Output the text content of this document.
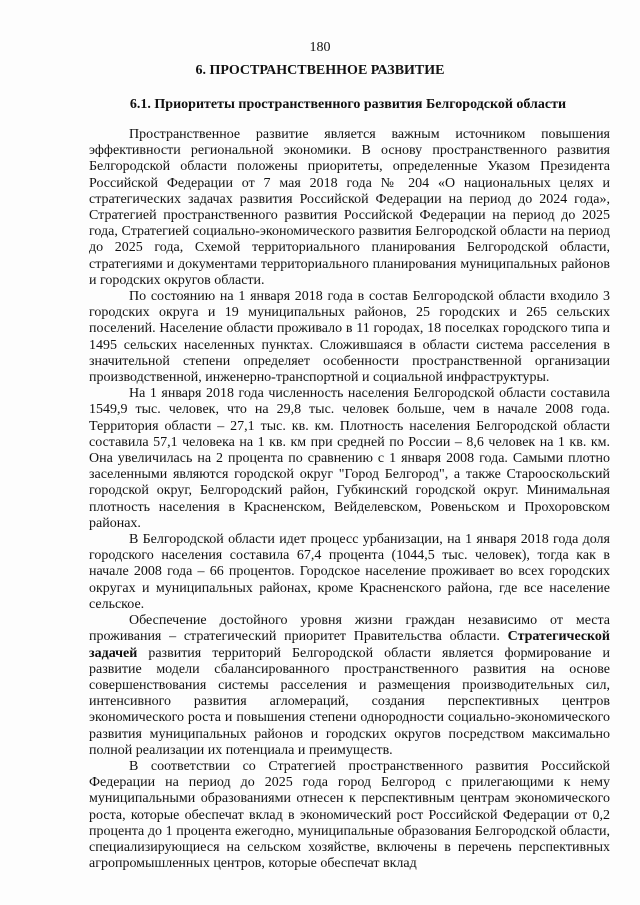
180
6. ПРОСТРАНСТВЕННОЕ РАЗВИТИЕ
6.1. Приоритеты пространственного развития Белгородской области

Пространственное развитие является важным источником повышения эффективности региональной экономики. В основу пространственного развития Белгородской области положены приоритеты, определенные Указом Президента Российской Федерации от 7 мая 2018 года № 204 «О национальных целях и стратегических задачах развития Российской Федерации на период до 2024 года», Стратегией пространственного развития Российской Федерации на период до 2025 года, Стратегией социально-экономического развития Белгородской области на период до 2025 года, Схемой территориального планирования Белгородской области, стратегиями и документами территориального планирования муниципальных районов и городских округов области.

По состоянию на 1 января 2018 года в состав Белгородской области входило 3 городских округа и 19 муниципальных районов, 25 городских и 265 сельских поселений. Население области проживало в 11 городах, 18 поселках городского типа и 1495 сельских населенных пунктах. Сложившаяся в области система расселения в значительной степени определяет особенности пространственной организации производственной, инженерно-транспортной и социальной инфраструктуры.

На 1 января 2018 года численность населения Белгородской области составила 1549,9 тыс. человек, что на 29,8 тыс. человек больше, чем в начале 2008 года. Территория области – 27,1 тыс. кв. км. Плотность населения Белгородской области составила 57,1 человека на 1 кв. км при средней по России – 8,6 человек на 1 кв. км. Она увеличилась на 2 процента по сравнению с 1 января 2008 года. Самыми плотно заселенными являются городской округ "Город Белгород", а также Старооскольский городской округ, Белгородский район, Губкинский городской округ. Минимальная плотность населения в Красненском, Вейделевском, Ровеньском и Прохоровском районах.

В Белгородской области идет процесс урбанизации, на 1 января 2018 года доля городского населения составила 67,4 процента (1044,5 тыс. человек), тогда как в начале 2008 года – 66 процентов. Городское население проживает во всех городских округах и муниципальных районах, кроме Красненского района, где все население сельское.

Обеспечение достойного уровня жизни граждан независимо от места проживания – стратегический приоритет Правительства области. Стратегической задачей развития территорий Белгородской области является формирование и развитие модели сбалансированного пространственного развития на основе совершенствования системы расселения и размещения производительных сил, интенсивного развития агломераций, создания перспективных центров экономического роста и повышения степени однородности социально-экономического развития муниципальных районов и городских округов посредством максимально полной реализации их потенциала и преимуществ.

В соответствии со Стратегией пространственного развития Российской Федерации на период до 2025 года город Белгород с прилегающими к нему муниципальными образованиями отнесен к перспективным центрам экономического роста, которые обеспечат вклад в экономический рост Российской Федерации от 0,2 процента до 1 процента ежегодно, муниципальные образования Белгородской области, специализирующиеся на сельском хозяйстве, включены в перечень перспективных агропромышленных центров, которые обеспечат вклад
